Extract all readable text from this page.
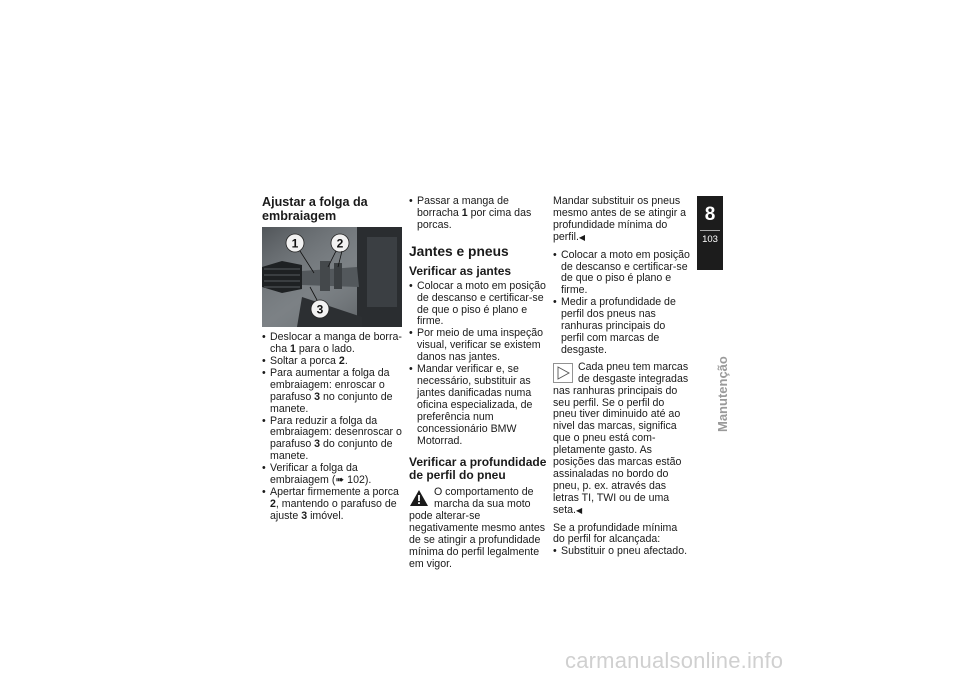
Ajustar a folga da embraiagem
1	2
3
• Deslocar a manga de borracha 1 para o lado.
• Soltar a porca 2.
• Para aumentar a folga da embraiagem: enroscar o parafuso 3 no conjunto de manete.
• Para reduzir a folga da embraiagem: desenroscar o parafuso 3 do conjunto de manete.
• Verificar a folga da embraiagem (➠ 102).
• Apertar firmemente a porca 2, mantendo o parafuso de ajuste 3 imóvel.
• Passar a manga de borracha 1 por cima das porcas.
Jantes e pneus
Verificar as jantes
• Colocar a moto em posição de descanso e certificar-se de que o piso é plano e firme.
• Por meio de uma inspeção visual, verificar se existem danos nas jantes.
• Mandar verificar e, se necessário, substituir as jantes danificadas numa oficina especializada, de preferência num concessionário BMW Motorrad.
Verificar a profundidade de perfil do pneu

O comportamento de marcha da sua moto pode alterar-se negativamente mesmo antes de se atingir a profundidade mínima do perfil legalmente em vigor.

Mandar substituir os pneus mesmo antes de se atingir a profundidade mínima do perfil.◀

• Colocar a moto em posição de descanso e certificar-se de que o piso é plano e firme.
• Medir a profundidade de perfil dos pneus nas ranhuras principais do perfil com marcas de desgaste.

Cada pneu tem marcas de desgaste integradas nas ranhuras principais do seu perfil. Se o perfil do pneu tiver diminuido até ao nivel das marcas, significa que o pneu está completamente gasto. As posições das marcas estão assinaladas no bordo do pneu, p. ex. através das letras TI, TWI ou de uma seta.◀

Se a profundidade mínima do perfil for alcançada:

• Substituir o pneu afectado.
8
103
Manutenção
carmanualsonline.info
